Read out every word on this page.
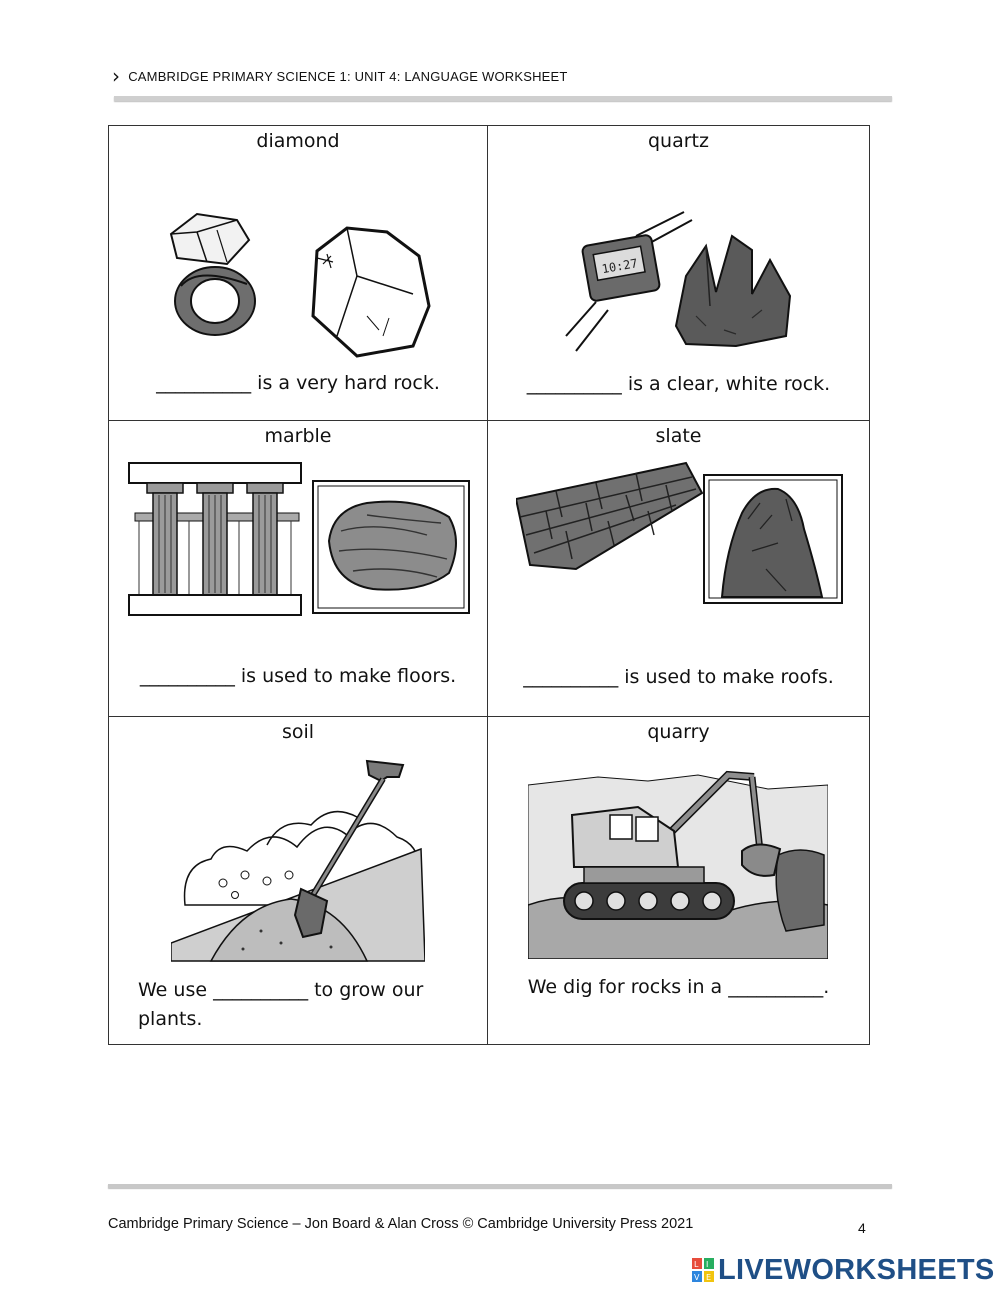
› CAMBRIDGE PRIMARY SCIENCE 1: UNIT 4: LANGUAGE WORKSHEET
diamond
__________ is a very hard rock.
quartz
10:27
__________ is a clear, white rock.
marble
__________ is used to make floors.
slate
__________ is used to make roofs.
soil
We use __________ to grow our plants.
quarry
We dig for rocks in a __________.
Cambridge Primary Science – Jon Board & Alan Cross © Cambridge University Press 2021	4
L I
V E LIVEWORKSHEETS
